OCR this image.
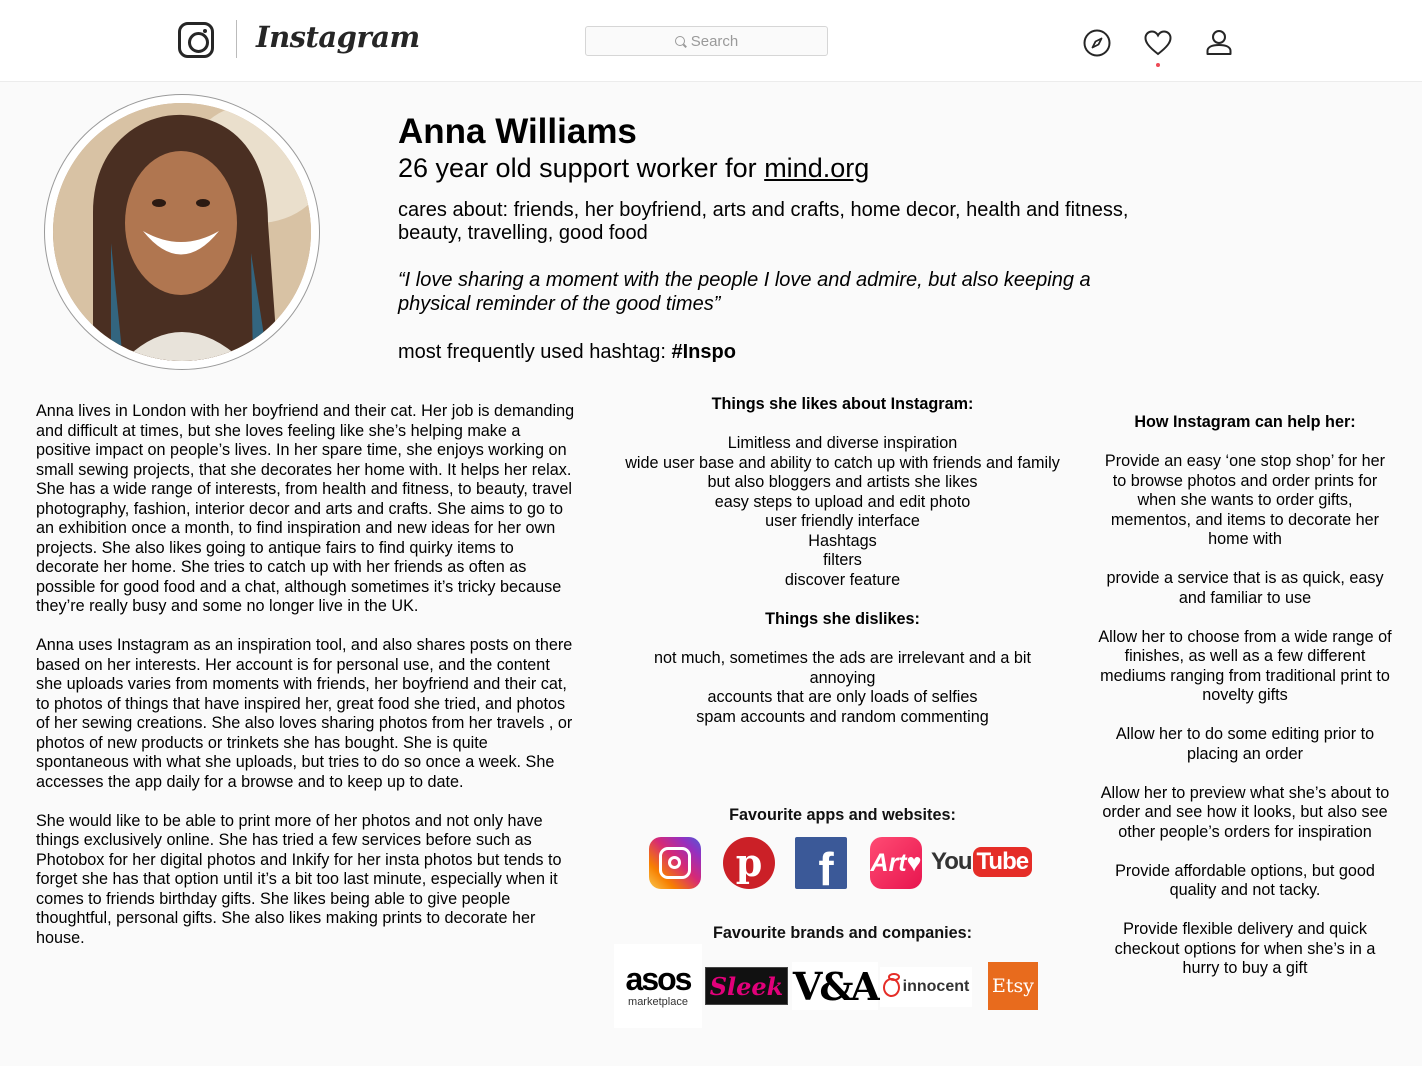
Instagram	Search
Anna Williams
26 year old support worker for mind.org
cares about: friends, her boyfriend, arts and crafts, home decor, health and fitness, beauty, travelling, good food
“I love sharing a moment with the people I love and admire, but also keeping a physical reminder of the good times”
most frequently used hashtag: #Inspo

Anna lives in London with her boyfriend and their cat. Her job is demanding and difficult at times, but she loves feeling like she’s helping make a positive impact on people’s lives. In her spare time, she enjoys working on small sewing projects, that she decorates her home with. It helps her relax. She has a wide range of interests, from health and fitness, to beauty, travel photography, fashion, interior decor and arts and crafts. She aims to go to an exhibition once a month, to find inspiration and new ideas for her own projects. She also likes going to antique fairs to find quirky items to decorate her home. She tries to catch up with her friends as often as possible for good food and a chat, although sometimes it’s tricky because they’re really busy and some no longer live in the UK.

Anna uses Instagram as an inspiration tool, and also shares posts on there based on her interests. Her account is for personal use, and the content she uploads varies from moments with friends, her boyfriend and their cat, to photos of things that have inspired her, great food she tried, and photos of her sewing creations. She also loves sharing photos from her travels , or photos of new products or trinkets she has bought. She is quite spontaneous with what she uploads, but tries to do so once a week. She accesses the app daily for a browse and to keep up to date.

She would like to be able to print more of her photos and not only have things exclusively online. She has tried a few services before such as Photobox for her digital photos and Inkify for her insta photos but tends to forget she has that option until it’s a bit too last minute, especially when it comes to friends birthday gifts. She likes being able to give people thoughtful, personal gifts. She also likes making prints to decorate her house.

Things she likes about Instagram:
Limitless and diverse inspiration
wide user base and ability to catch up with friends and family but also bloggers and artists she likes
easy steps to upload and edit photo
user friendly interface
Hashtags
filters
discover feature
Things she dislikes:
not much, sometimes the ads are irrelevant and a bit annoying
accounts that are only loads of selfies
spam accounts and random commenting
Favourite apps and websites:
p f Art♥ You Tube
Favourite brands and companies:
asos
marketplace
Sleek V&A innocent Etsy
How Instagram can help her:

Provide an easy ‘one stop shop’ for her to browse photos and order prints for when she wants to order gifts, mementos, and items to decorate her home with

provide a service that is as quick, easy and familiar to use

Allow her to choose from a wide range of finishes, as well as a few different mediums ranging from traditional print to novelty gifts

Allow her to do some editing prior to placing an order

Allow her to preview what she’s about to order and see how it looks, but also see other people’s orders for inspiration

Provide affordable options, but good quality and not tacky.

Provide flexible delivery and quick checkout options for when she’s in a hurry to buy a gift
